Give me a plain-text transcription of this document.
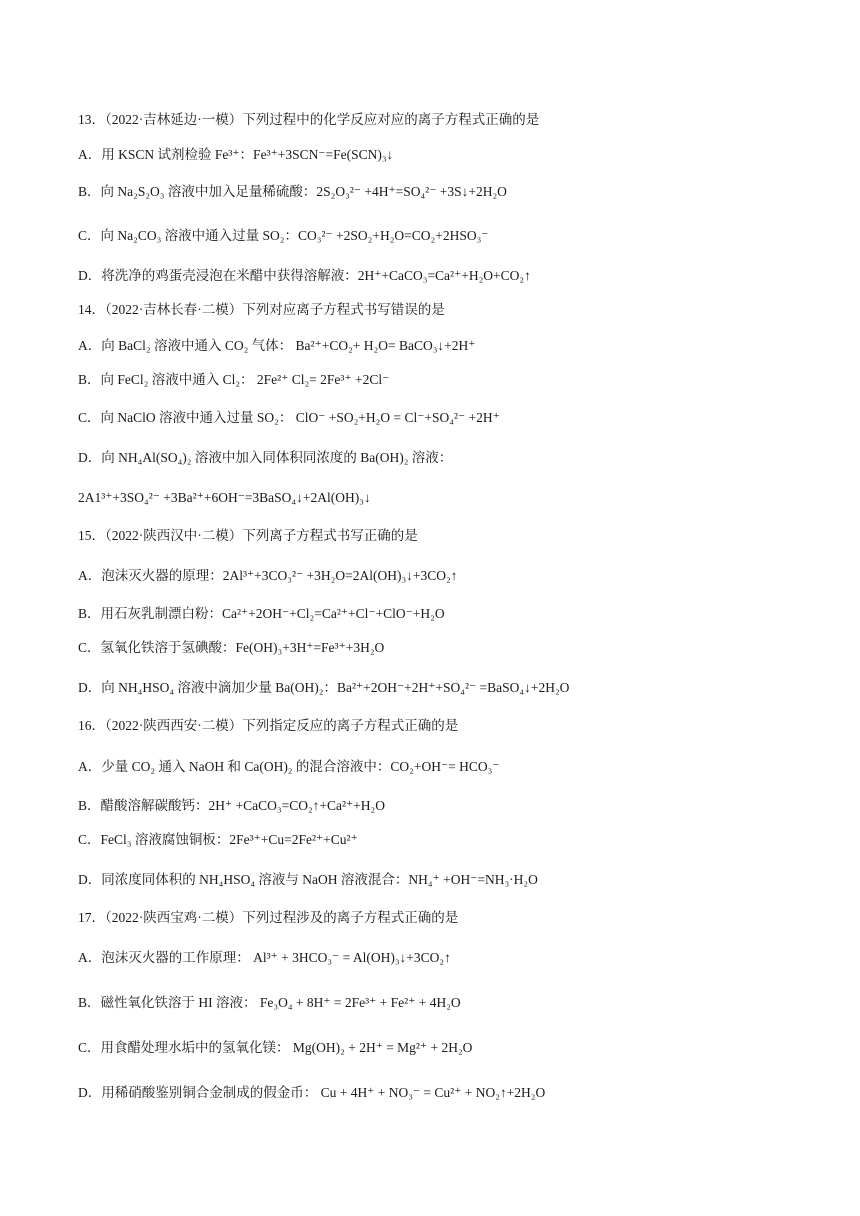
13．（2022·吉林延边·一模）下列过程中的化学反应对应的离子方程式正确的是
A．用 KSCN 试剂检验 Fe³⁺：Fe³⁺+3SCN⁻=Fe(SCN)₃↓
B．向 Na₂S₂O₃ 溶液中加入足量稀硫酸：2S₂O₃²⁻ +4H⁺=SO₄²⁻ +3S↓+2H₂O
C．向 Na₂CO₃ 溶液中通入过量 SO₂：CO₃²⁻ +2SO₂+H₂O=CO₂+2HSO₃⁻
D．将洗净的鸡蛋壳浸泡在米醋中获得溶解液：2H⁺+CaCO₃=Ca²⁺+H₂O+CO₂↑
14．（2022·吉林长春·二模）下列对应离子方程式书写错误的是
A．向 BaCl₂ 溶液中通入 CO₂ 气体： Ba²⁺+CO₂+ H₂O= BaCO₃↓+2H⁺
B．向 FeCl₂ 溶液中通入 Cl₂： 2Fe²⁺ Cl₂= 2Fe³⁺ +2Cl⁻
C．向 NaClO 溶液中通入过量 SO₂： ClO⁻ +SO₂+H₂O = Cl⁻+SO₄²⁻ +2H⁺
D．向 NH₄Al(SO₄)₂ 溶液中加入同体积同浓度的 Ba(OH)₂ 溶液：
2A1³⁺+3SO₄²⁻ +3Ba²⁺+6OH⁻=3BaSO₄↓+2Al(OH)₃↓
15．（2022·陕西汉中·二模）下列离子方程式书写正确的是
A．泡沫灭火器的原理：2Al³⁺+3CO₃²⁻ +3H₂O=2Al(OH)₃↓+3CO₂↑
B．用石灰乳制漂白粉：Ca²⁺+2OH⁻+Cl₂=Ca²⁺+Cl⁻+ClO⁻+H₂O
C．氢氧化铁溶于氢碘酸：Fe(OH)₃+3H⁺=Fe³⁺+3H₂O
D．向 NH₄HSO₄ 溶液中滴加少量 Ba(OH)₂：Ba²⁺+2OH⁻+2H⁺+SO₄²⁻ =BaSO₄↓+2H₂O
16．（2022·陕西西安·二模）下列指定反应的离子方程式正确的是
A．少量 CO₂ 通入 NaOH 和 Ca(OH)₂ 的混合溶液中：CO₂+OH⁻= HCO₃⁻
B．醋酸溶解碳酸钙：2H⁺ +CaCO₃=CO₂↑+Ca²⁺+H₂O
C．FeCl₃ 溶液腐蚀铜板：2Fe³⁺+Cu=2Fe²⁺+Cu²⁺
D．同浓度同体积的 NH₄HSO₄ 溶液与 NaOH 溶液混合：NH₄⁺ +OH⁻=NH₃·H₂O
17．（2022·陕西宝鸡·二模）下列过程涉及的离子方程式正确的是
A．泡沫灭火器的工作原理： Al³⁺ + 3HCO₃⁻ = Al(OH)₃↓+3CO₂↑
B．磁性氧化铁溶于 HI 溶液： Fe₃O₄ + 8H⁺ = 2Fe³⁺ + Fe²⁺ + 4H₂O
C．用食醋处理水垢中的氢氧化镁： Mg(OH)₂ + 2H⁺ = Mg²⁺ + 2H₂O
D．用稀硝酸鉴别铜合金制成的假金币： Cu + 4H⁺ + NO₃⁻ = Cu²⁺ + NO₂↑+2H₂O
